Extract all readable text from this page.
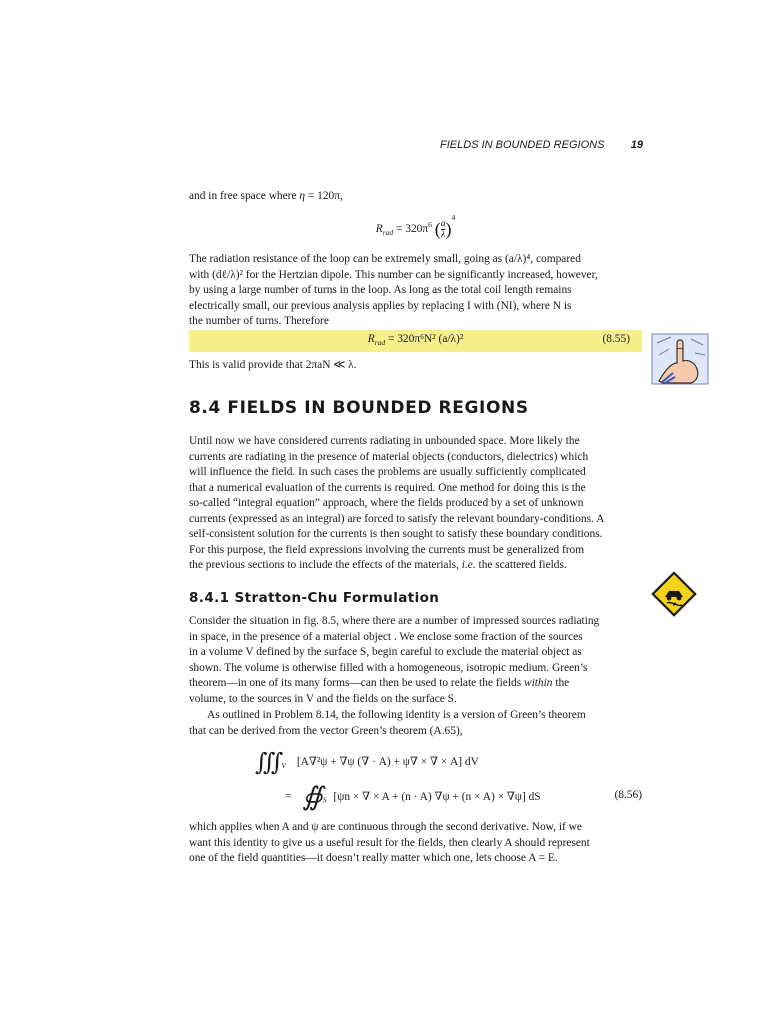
FIELDS IN BOUNDED REGIONS 19
and in free space where η = 120π,
$R_{rad} = 320\pi^6$ ( $\frac{a}{\lambda} )^4$
The radiation resistance of the loop can be extremely small, going as (a/λ)⁴, compared
with (dℓ/λ)² for the Hertzian dipole. This number can be significantly increased, however,
by using a large number of turns in the loop. As long as the total coil length remains
electrically small, our previous analysis applies by replacing I with (NI), where N is
the number of turns. Therefore
$R_{rad} = 320\pi^6N^2$ (a/λ)²	(8.55)
This is valid provide that 2πaN ≪ λ.
8.4 FIELDS IN BOUNDED REGIONS
Until now we have considered currents radiating in unbounded space. More likely the
currents are radiating in the presence of material objects (conductors, dielectrics) which
will influence the field. In such cases the problems are usually sufficiently complicated
that a numerical evaluation of the currents is required. One method for doing this is the
so-called “integral equation” approach, where the fields produced by a set of unknown
currents (expressed as an integral) are forced to satisfy the relevant boundary-conditions. A
self-consistent solution for the currents is then sought to satisfy these boundary conditions.
For this purpose, the field expressions involving the currents must be generalized from
the previous sections to include the effects of the materials, i.e. the scattered fields.
8.4.1 Stratton-Chu Formulation
Consider the situation in fig. 8.5, where there are a number of impressed sources radiating
in space, in the presence of a material object . We enclose some fraction of the sources
in a volume V defined by the surface S, begin careful to exclude the material object as
shown. The volume is otherwise filled with a homogeneous, isotropic medium. Green’s
theorem—in one of its many forms—can then be used to relate the fields within the
volume, to the sources in V and the fields on the surface S.
As outlined in Problem 8.14, the following identity is a version of Green’s theorem
that can be derived from the vector Green’s theorem (A.65),
∭ $_V$ [A∇²ψ + ∇ψ (∇ · A) + ψ∇ × ∇ × A] dV
= $∯_S$ [ψn × ∇ × A + (n · A) ∇ψ + (n × A) × ∇ψ] dS	(8.56)
which applies when A and ψ are continuous through the second derivative. Now, if we
want this identity to give us a useful result for the fields, then clearly A should represent
one of the field quantities—it doesn’t really matter which one, lets choose A = E.
